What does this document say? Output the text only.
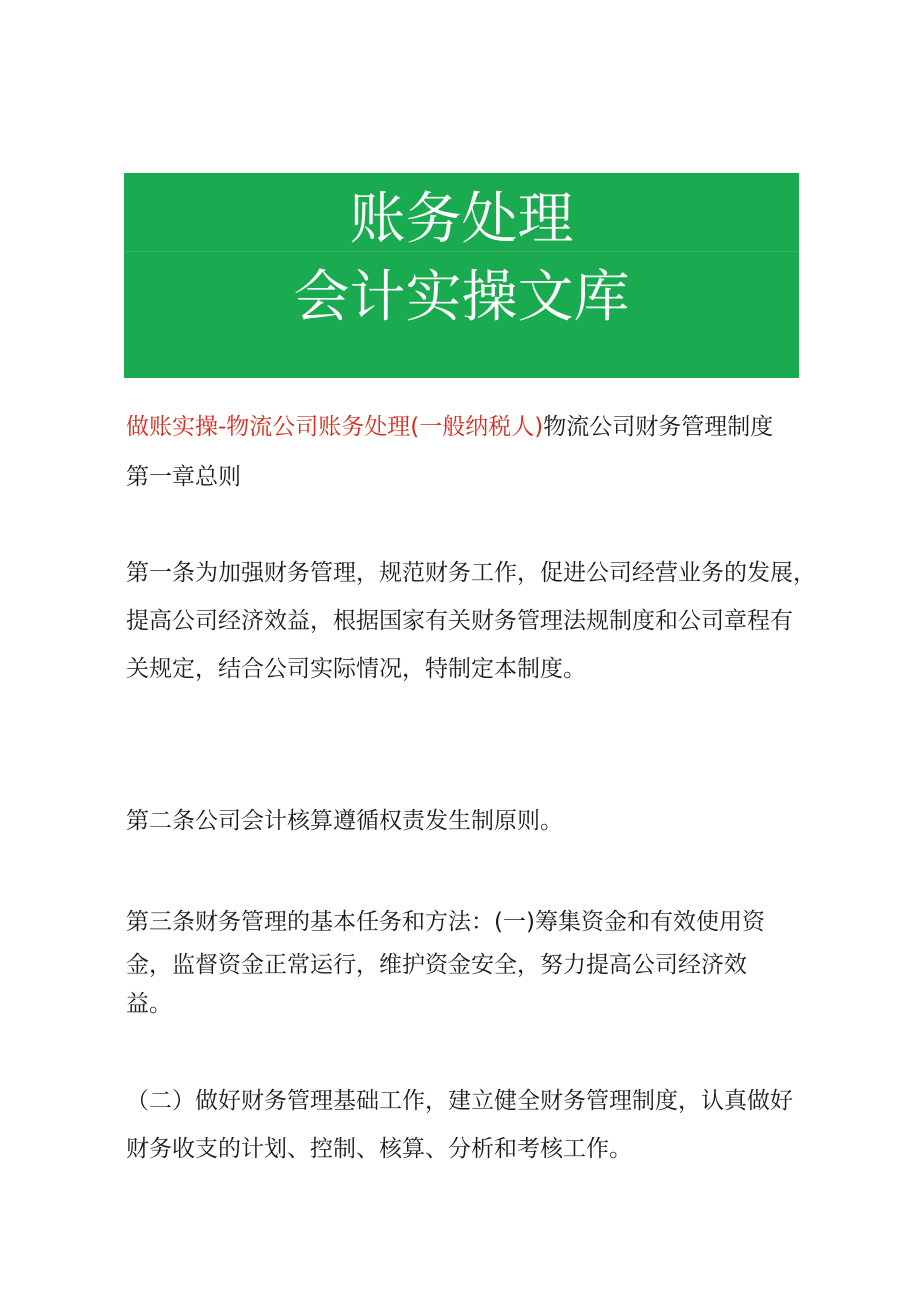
账务处理
会计实操文库
做账实操-物流公司账务处理(一般纳税人)物流公司财务管理制度
第一章总则
第一条为加强财务管理，规范财务工作，促进公司经营业务的发展，
提高公司经济效益，根据国家有关财务管理法规制度和公司章程有
关规定，结合公司实际情况，特制定本制度。
第二条公司会计核算遵循权责发生制原则。
第三条财务管理的基本任务和方法：(一)筹集资金和有效使用资
金，监督资金正常运行，维护资金安全，努力提高公司经济效
益。
（二）做好财务管理基础工作，建立健全财务管理制度，认真做好
财务收支的计划、控制、核算、分析和考核工作。
